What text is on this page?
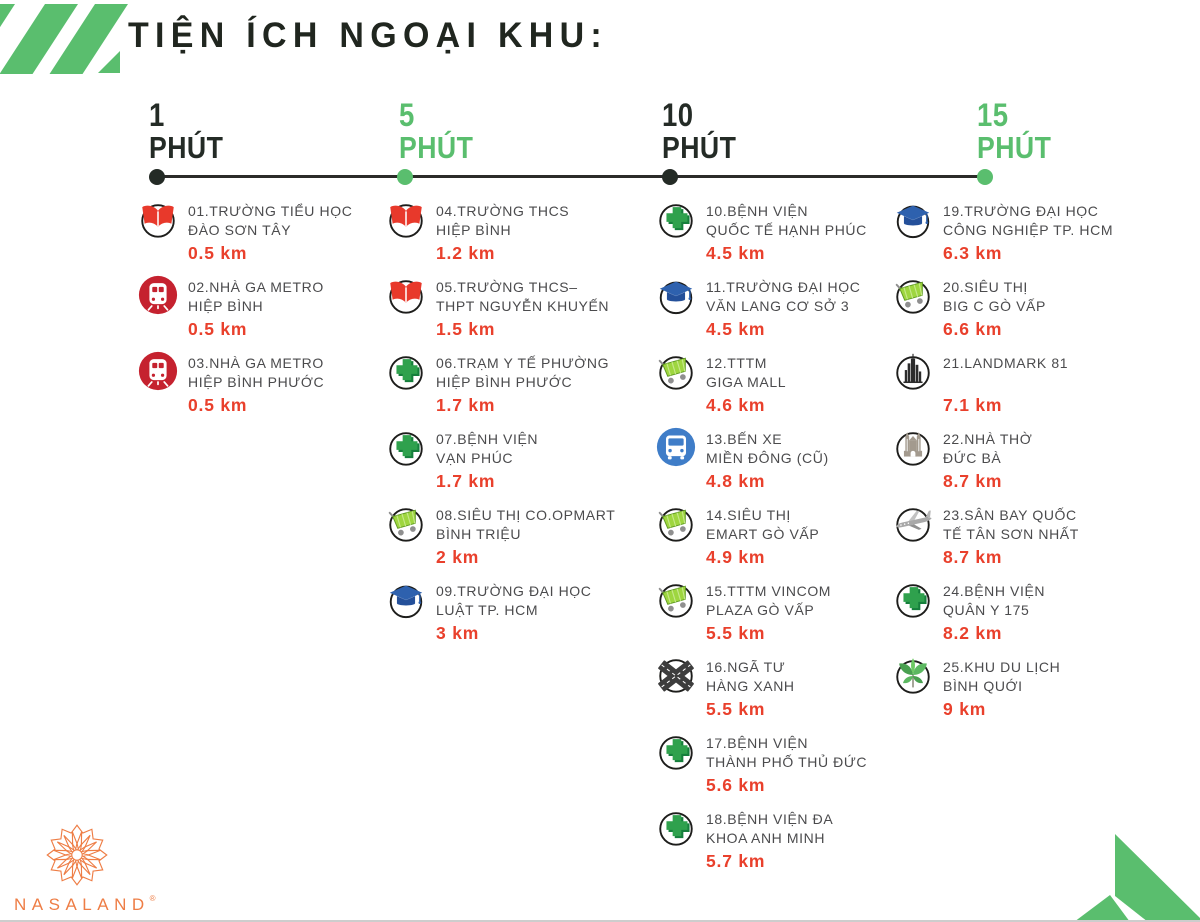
TIỆN ÍCH NGOẠI KHU:
1
PHÚT
5
PHÚT
10
PHÚT
15
PHÚT
01.TRƯỜNG TIỂU HỌC
ĐÀO SƠN TÂY
0.5 km
02.NHÀ GA METRO
HIỆP BÌNH
0.5 km
03.NHÀ GA METRO
HIỆP BÌNH PHƯỚC
0.5 km
04.TRƯỜNG THCS
HIỆP BÌNH
1.2 km
05.TRƯỜNG THCS–
THPT NGUYỄN KHUYẾN
1.5 km
06.TRẠM Y TẾ PHƯỜNG
HIỆP BÌNH PHƯỚC
1.7 km
07.BỆNH VIỆN
VẠN PHÚC
1.7 km
08.SIÊU THỊ CO.OPMART
BÌNH TRIỆU
2 km
09.TRƯỜNG ĐẠI HỌC
LUẬT TP. HCM
3 km
10.BỆNH VIỆN
QUỐC TẾ HẠNH PHÚC
4.5 km
11.TRƯỜNG ĐẠI HỌC
VĂN LANG CƠ SỞ 3
4.5 km
12.TTTM
GIGA MALL
4.6 km
13.BẾN XE
MIỀN ĐÔNG (CŨ)
4.8 km
14.SIÊU THỊ
EMART GÒ VẤP
4.9 km
15.TTTM VINCOM
PLAZA GÒ VẤP
5.5 km
16.NGÃ TƯ
HÀNG XANH
5.5 km
17.BỆNH VIỆN
THÀNH PHỐ THỦ ĐỨC
5.6 km
18.BỆNH VIỆN ĐA
KHOA ANH MINH
5.7 km
19.TRƯỜNG ĐẠI HỌC
CÔNG NGHIỆP TP. HCM
6.3 km
20.SIÊU THỊ
BIG C GÒ VẤP
6.6 km
21.LANDMARK 81

7.1 km
22.NHÀ THỜ
ĐỨC BÀ
8.7 km
23.SÂN BAY QUỐC
TẾ TÂN SƠN NHẤT
8.7 km
24.BỆNH VIỆN
QUÂN Y 175
8.2 km
25.KHU DU LỊCH
BÌNH QUỚI
9 km
NASALAND®
